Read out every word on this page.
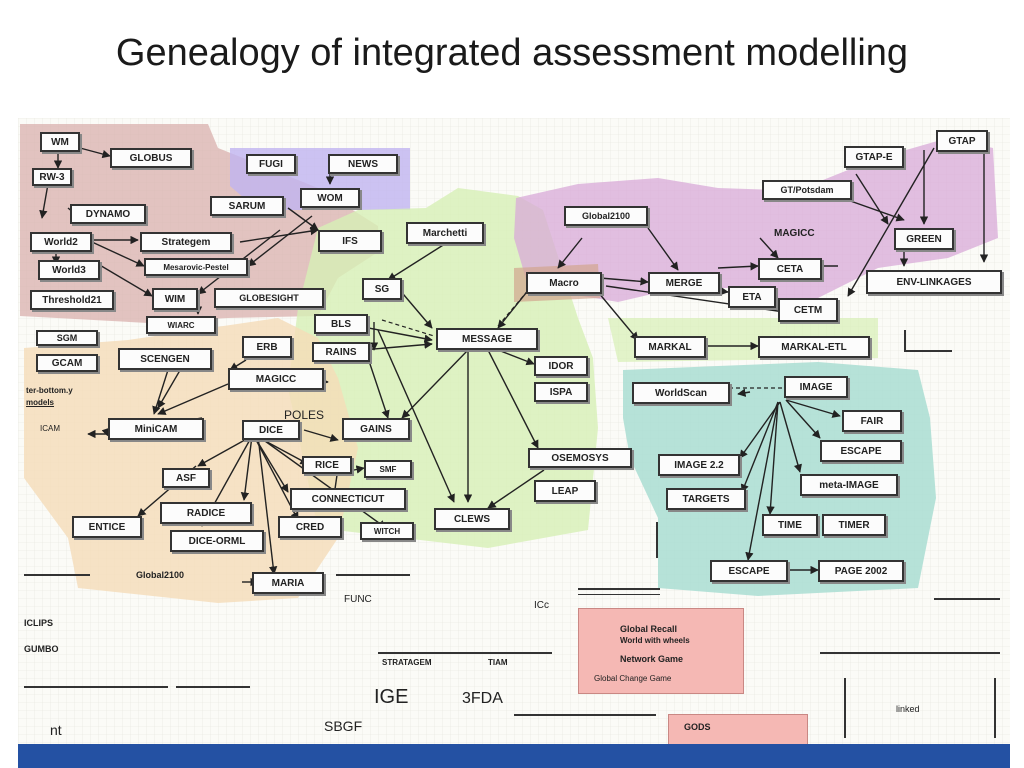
Genealogy of integrated assessment modelling
WM
GLOBUS
RW-3
DYNAMO
World2	Strategem
World3	Mesarovic-Pestel
Threshold21	WIM	GLOBESIGHT
SARUM
IFS
WIARC
FUGI	NEWS
WOM
Marchetti
SG
BLS
RAINS
MESSAGE
IDOR
ISPA
GAINS
OSEMOSYS
LEAP
CLEWS
SGM
GCAM	SCENGEN
ERB
MAGICC
MiniCAM	DICE
POLES
ASF
RICE	SMF
CONNECTICUT
ENTICE
RADICE
CRED	WITCH
DICE-ORML
MARIA
Global2100
Global2100
MAGICC
Macro	MERGE
CETA
ETA
CETM
MARKAL	MARKAL-ETL
GTAP
GTAP-E
GT/Potsdam
GREEN
ENV-LINKAGES
WorldScan
IMAGE
FAIR
ESCAPE
IMAGE 2.2
meta-IMAGE
TARGETS
TIME	TIMER
ESCAPE	PAGE 2002
ter-bottom.y
models
ICAM
FUNC
ICc
ICLIPS
GUMBO
Global Recall
World with wheels
Network Game
Global Change Game
STRATAGEM	TIAM
IGE	3FDA
GODS
linked
SBGF
nt
